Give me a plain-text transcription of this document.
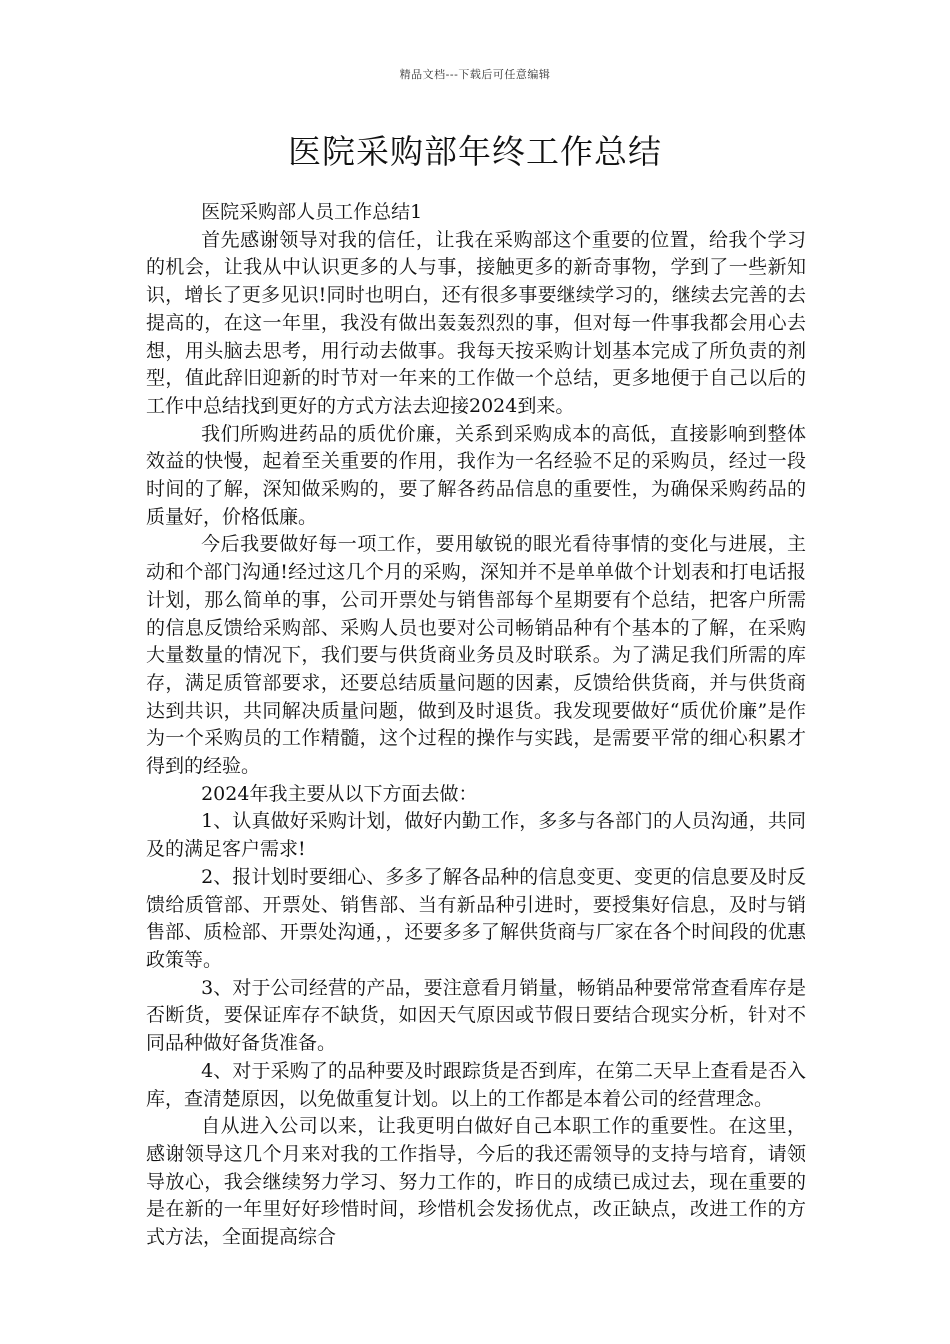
精品文档---下载后可任意编辑
医院采购部年终工作总结

医院采购部人员工作总结1

首先感谢领导对我的信任，让我在采购部这个重要的位置，给我个学习的机会，让我从中认识更多的人与事，接触更多的新奇事物，学到了一些新知识，增长了更多见识!同时也明白，还有很多事要继续学习的，继续去完善的去提高的，在这一年里，我没有做出轰轰烈烈的事，但对每一件事我都会用心去想，用头脑去思考，用行动去做事。我每天按采购计划基本完成了所负责的剂型，值此辞旧迎新的时节对一年来的工作做一个总结，更多地便于自己以后的工作中总结找到更好的方式方法去迎接2024到来。

我们所购进药品的质优价廉，关系到采购成本的高低，直接影响到整体效益的快慢，起着至关重要的作用，我作为一名经验不足的采购员，经过一段时间的了解，深知做采购的，要了解各药品信息的重要性，为确保采购药品的质量好，价格低廉。

今后我要做好每一项工作，要用敏锐的眼光看待事情的变化与进展，主动和个部门沟通!经过这几个月的采购，深知并不是单单做个计划表和打电话报计划，那么简单的事，公司开票处与销售部每个星期要有个总结，把客户所需的信息反馈给采购部、采购人员也要对公司畅销品种有个基本的了解，在采购大量数量的情况下，我们要与供货商业务员及时联系。为了满足我们所需的库存，满足质管部要求，还要总结质量问题的因素，反馈给供货商，并与供货商达到共识，共同解决质量问题，做到及时退货。我发现要做好“质优价廉”是作为一个采购员的工作精髓，这个过程的操作与实践，是需要平常的细心积累才得到的经验。

2024年我主要从以下方面去做：

1、认真做好采购计划，做好内勤工作，多多与各部门的人员沟通，共同及的满足客户需求!

2、报计划时要细心、多多了解各品种的信息变更、变更的信息要及时反馈给质管部、开票处、销售部、当有新品种引进时，要授集好信息，及时与销售部、质检部、开票处沟通，，还要多多了解供货商与厂家在各个时间段的优惠政策等。

3、对于公司经营的产品，要注意看月销量，畅销品种要常常查看库存是否断货，要保证库存不缺货，如因天气原因或节假日要结合现实分析，针对不同品种做好备货准备。

4、对于采购了的品种要及时跟踪货是否到库，在第二天早上查看是否入库，查清楚原因，以免做重复计划。以上的工作都是本着公司的经营理念。

自从进入公司以来，让我更明白做好自己本职工作的重要性。在这里，感谢领导这几个月来对我的工作指导，今后的我还需领导的支持与培育，请领导放心，我会继续努力学习、努力工作的，昨日的成绩已成过去，现在重要的是在新的一年里好好珍惜时间，珍惜机会发扬优点，改正缺点，改进工作的方式方法，全面提高综合
